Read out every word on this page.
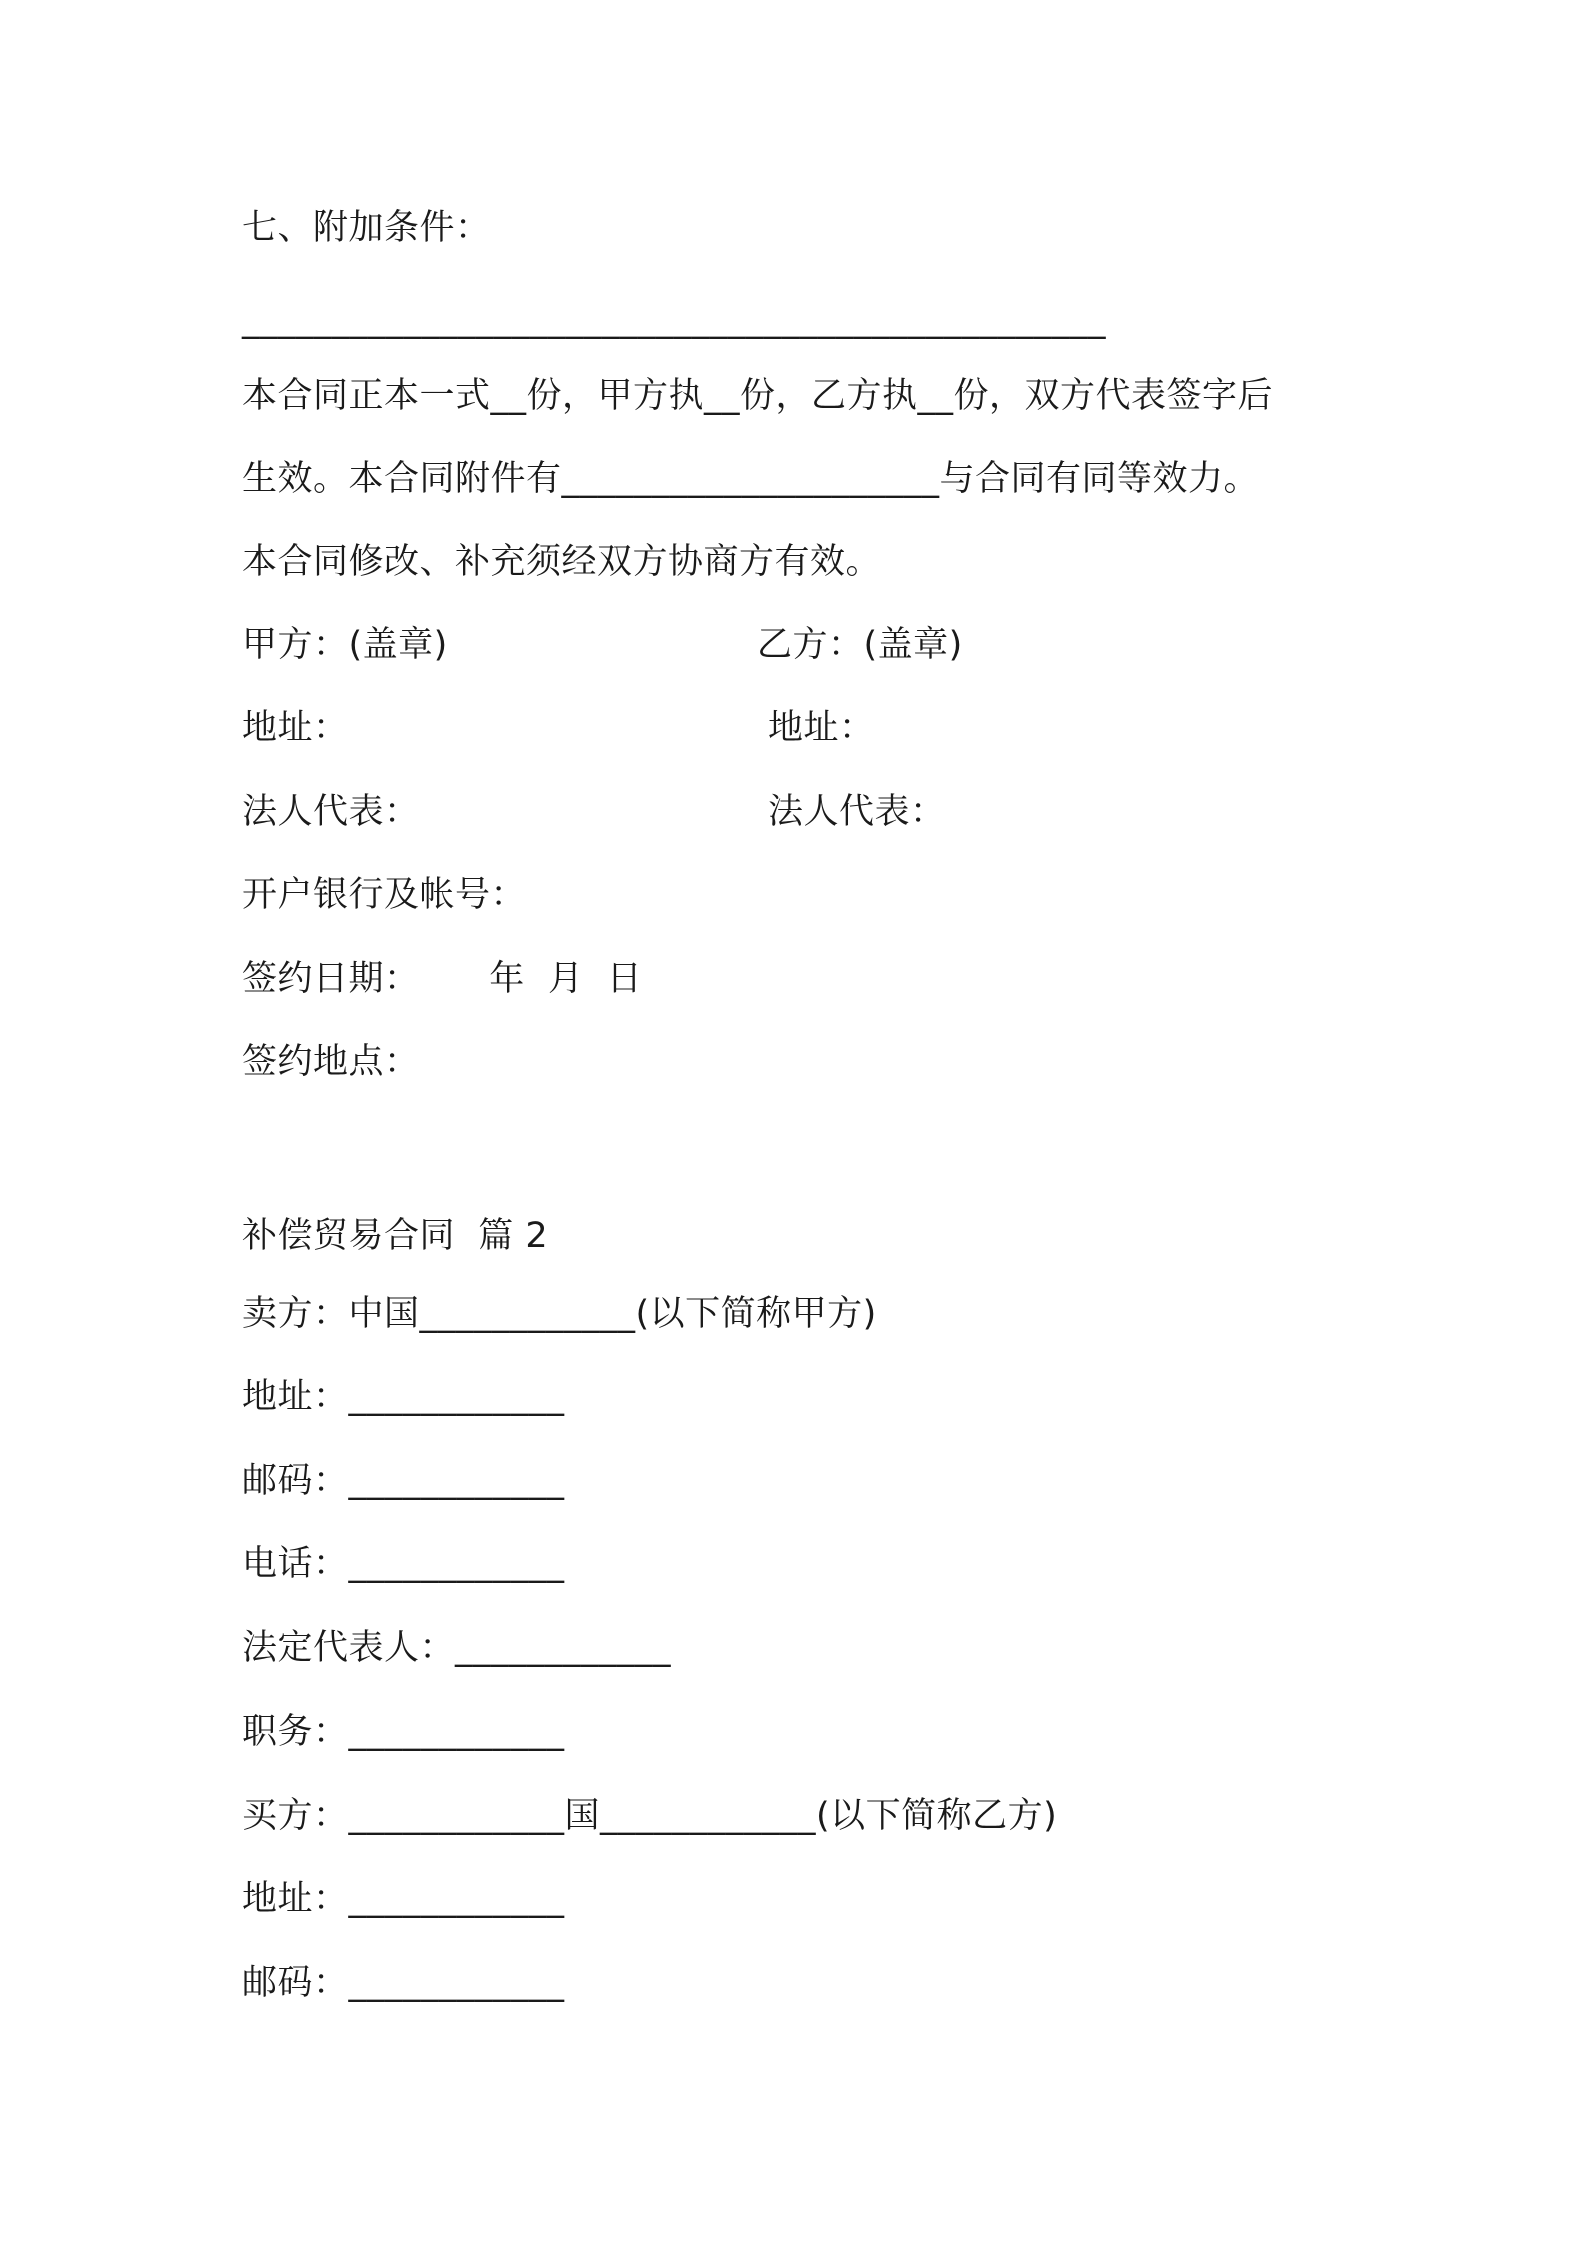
七、附加条件：
________________________________________________
本合同正本一式__份，甲方执__份，乙方执__份，双方代表签字后
生效。本合同附件有_____________________与合同有同等效力。
本合同修改、补充须经双方协商方有效。
甲方：(盖章)	乙方：(盖章)
地址：	地址：
法人代表：	法人代表：
开户银行及帐号：
签约日期：      年  月  日
签约地点：
补偿贸易合同  篇 2
卖方：中国____________(以下简称甲方)
地址：____________
邮码：____________
电话：____________
法定代表人：____________
职务：____________
买方：____________国____________(以下简称乙方)
地址：____________
邮码：____________
